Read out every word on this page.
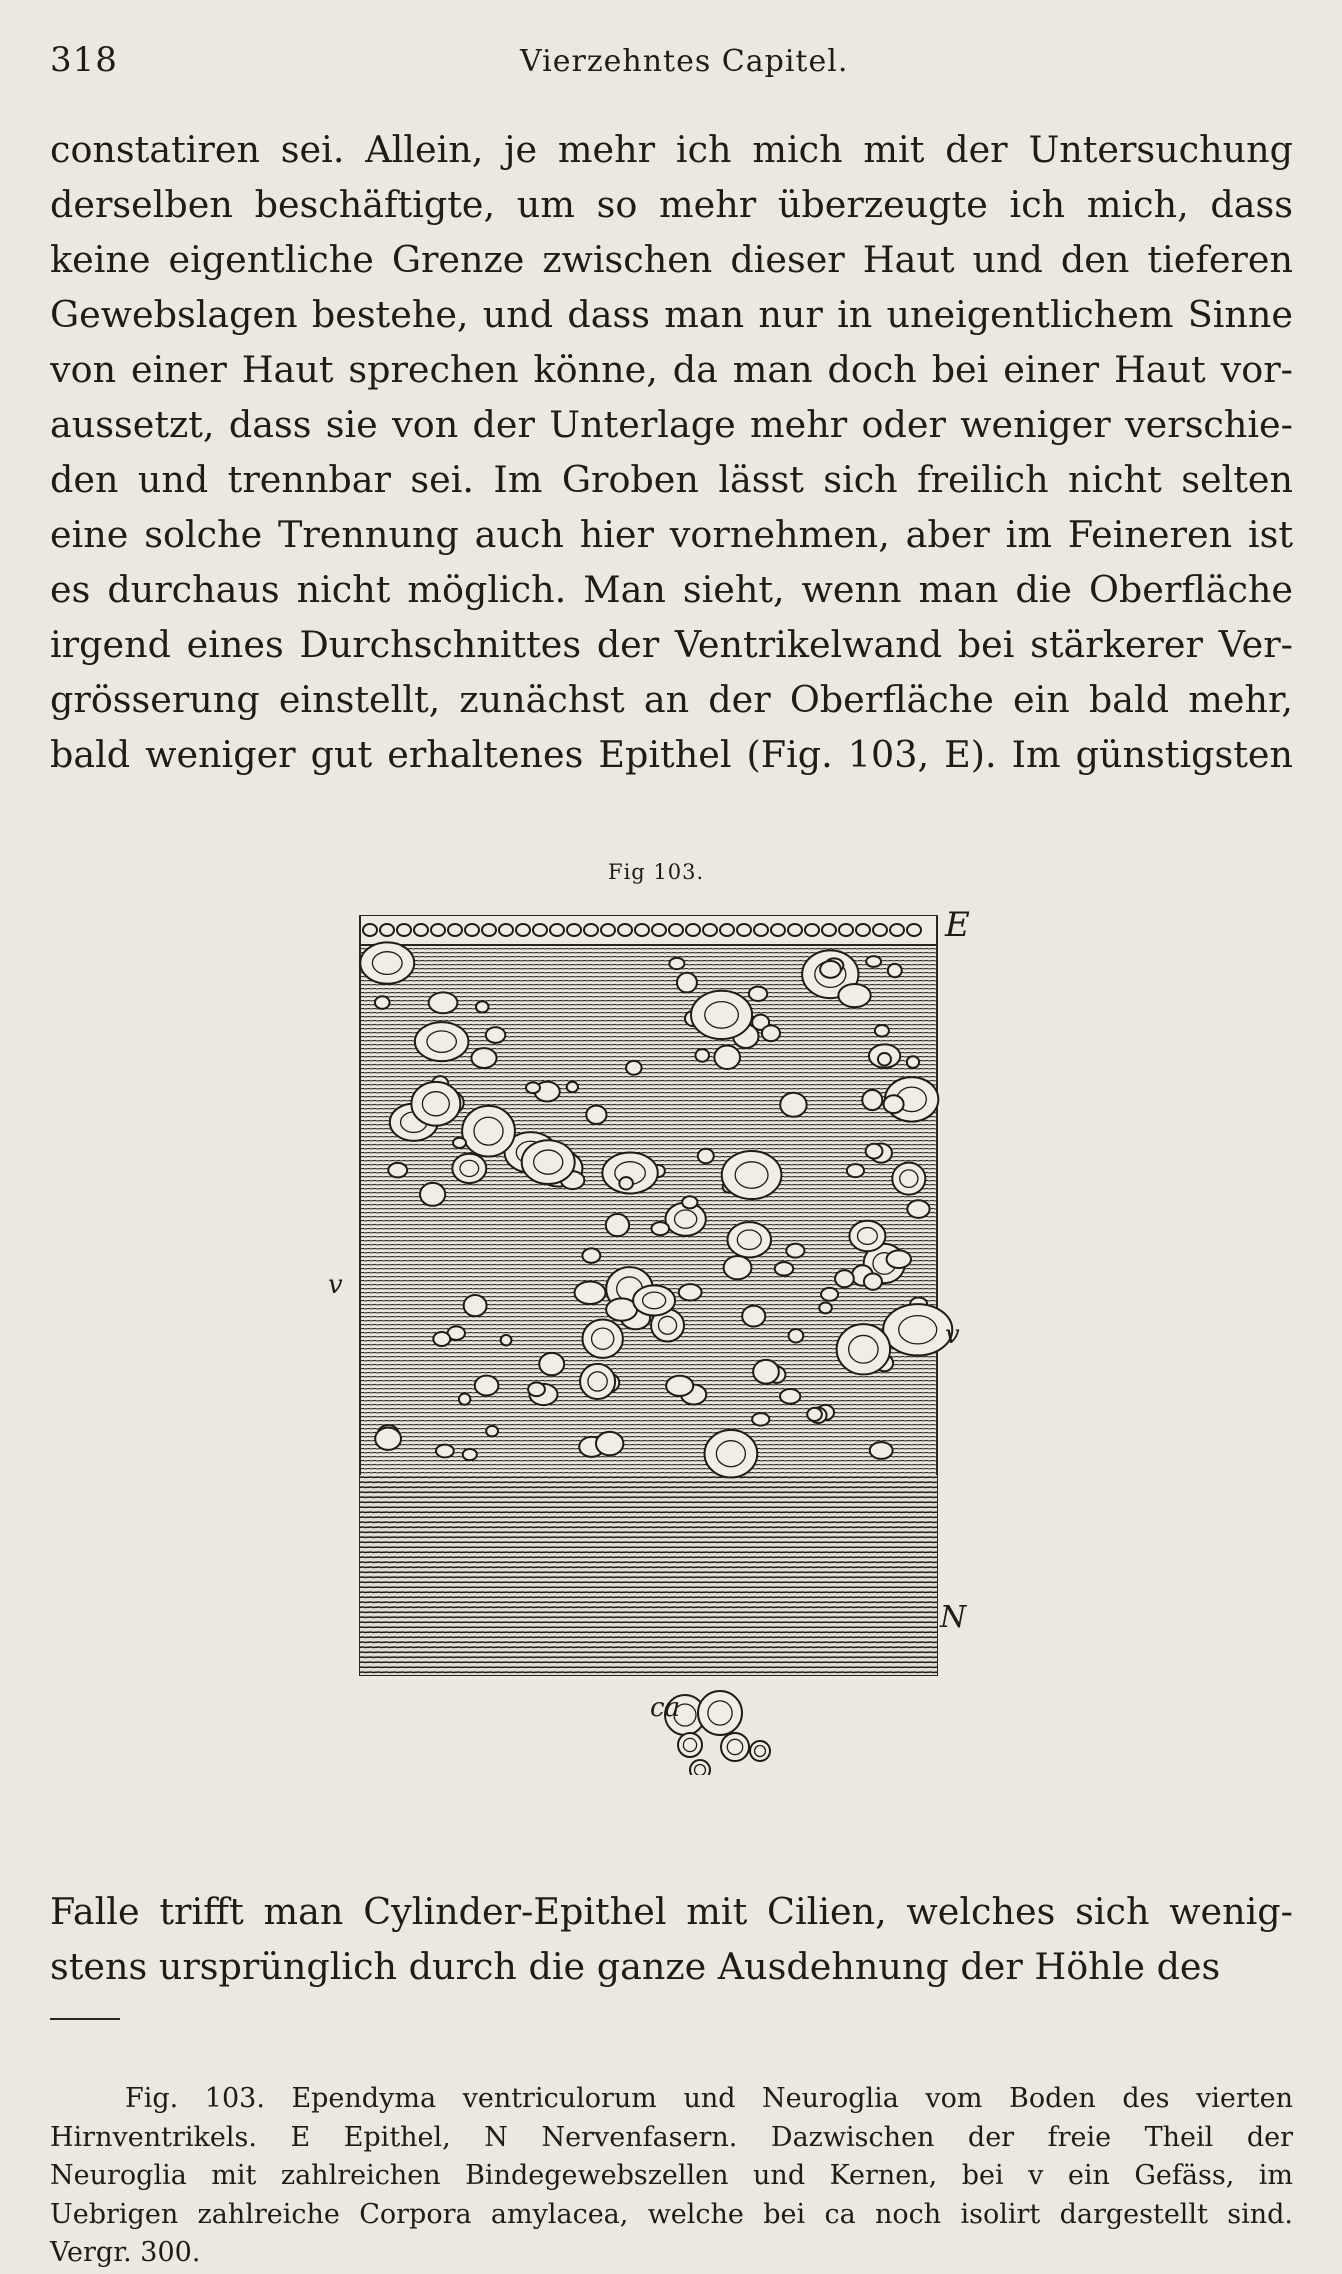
318	Vierzehntes Capitel.
constatiren sei. Allein, je mehr ich mich mit der Untersuchung
derselben beschäftigte, um so mehr überzeugte ich mich, dass
keine eigentliche Grenze zwischen dieser Haut und den tieferen
Gewebslagen bestehe, und dass man nur in uneigentlichem Sinne
von einer Haut sprechen könne, da man doch bei einer Haut vor-
aussetzt, dass sie von der Unterlage mehr oder weniger verschie-
den und trennbar sei. Im Groben lässt sich freilich nicht selten
eine solche Trennung auch hier vornehmen, aber im Feineren ist
es durchaus nicht möglich. Man sieht, wenn man die Oberfläche
irgend eines Durchschnittes der Ventrikelwand bei stärkerer Ver-
grösserung einstellt, zunächst an der Oberfläche ein bald mehr,
bald weniger gut erhaltenes Epithel (Fig. 103, E). Im günstigsten
Fig 103.
E
v
v
N
ca
Falle trifft man Cylinder-Epithel mit Cilien, welches sich wenig-
stens ursprünglich durch die ganze Ausdehnung der Höhle des
Fig. 103. Ependyma ventriculorum und Neuroglia vom Boden des vierten
Hirnventrikels. E Epithel, N Nervenfasern. Dazwischen der freie Theil der
Neuroglia mit zahlreichen Bindegewebszellen und Kernen, bei v ein Gefäss, im
Uebrigen zahlreiche Corpora amylacea, welche bei ca noch isolirt dargestellt sind.
Vergr. 300.
